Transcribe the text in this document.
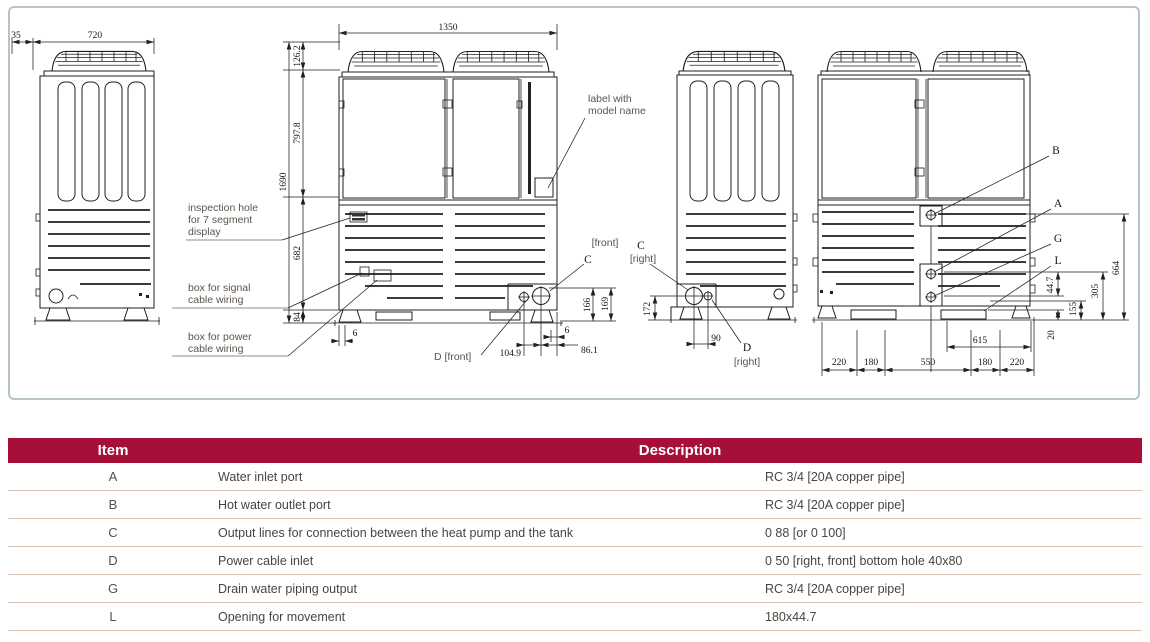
35	720
126.2
797.8
1690
682
84
1350
6
104.9	86.1
6
166 169
[front]
C
D [front]
inspection hole
for 7 segment
display
box for signal
cable wiring
box for power
cable wiring
label with
model name
172
90
C
[right]
D
[right]
B
A
G
L	664
305
44.7
155
20
615
220 180	550	180 220
Item	Description
A	Water inlet port	RC 3/4 [20A copper pipe]
B	Hot water outlet port	RC 3/4 [20A copper pipe]
C	Output lines for connection between the heat pump and the tank	0 88 [or 0 100]
D	Power cable inlet	0 50 [right, front] bottom hole 40x80
G	Drain water piping output	RC 3/4 [20A copper pipe]
L	Opening for movement	180x44.7
